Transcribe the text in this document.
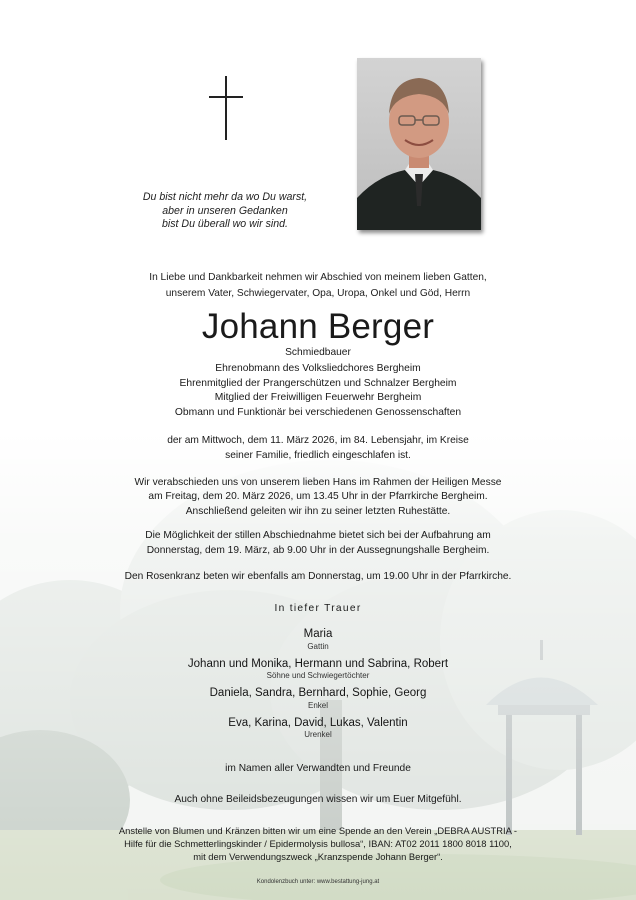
Du bist nicht mehr da wo Du warst,
aber in unseren Gedanken
bist Du überall wo wir sind.
In Liebe und Dankbarkeit nehmen wir Abschied von meinem lieben Gatten,
unserem Vater, Schwiegervater, Opa, Uropa, Onkel und Göd, Herrn
Johann Berger
Schmiedbauer
Ehrenobmann des Volksliedchores Bergheim
Ehrenmitglied der Prangerschützen und Schnalzer Bergheim
Mitglied der Freiwilligen Feuerwehr Bergheim
Obmann und Funktionär bei verschiedenen Genossenschaften
der am Mittwoch, dem 11. März 2026, im 84. Lebensjahr, im Kreise
seiner Familie, friedlich eingeschlafen ist.
Wir verabschieden uns von unserem lieben Hans im Rahmen der Heiligen Messe
am Freitag, dem 20. März 2026, um 13.45 Uhr in der Pfarrkirche Bergheim.
Anschließend geleiten wir ihn zu seiner letzten Ruhestätte.
Die Möglichkeit der stillen Abschiednahme bietet sich bei der Aufbahrung am
Donnerstag, dem 19. März, ab 9.00 Uhr in der Aussegnungshalle Bergheim.
Den Rosenkranz beten wir ebenfalls am Donnerstag, um 19.00 Uhr in der Pfarrkirche.
In tiefer Trauer
Maria
Gattin
Johann und Monika, Hermann und Sabrina, Robert
Söhne und Schwiegertöchter
Daniela, Sandra, Bernhard, Sophie, Georg
Enkel
Eva, Karina, David, Lukas, Valentin
Urenkel
im Namen aller Verwandten und Freunde
Auch ohne Beileidsbezeugungen wissen wir um Euer Mitgefühl.
Anstelle von Blumen und Kränzen bitten wir um eine Spende an den Verein „DEBRA AUSTRIA -
Hilfe für die Schmetterlingskinder / Epidermolysis bullosa“, IBAN: AT02 2011 1800 8018 1100,
mit dem Verwendungszweck „Kranzspende Johann Berger“.
Kondolenzbuch unter: www.bestattung-jung.at
